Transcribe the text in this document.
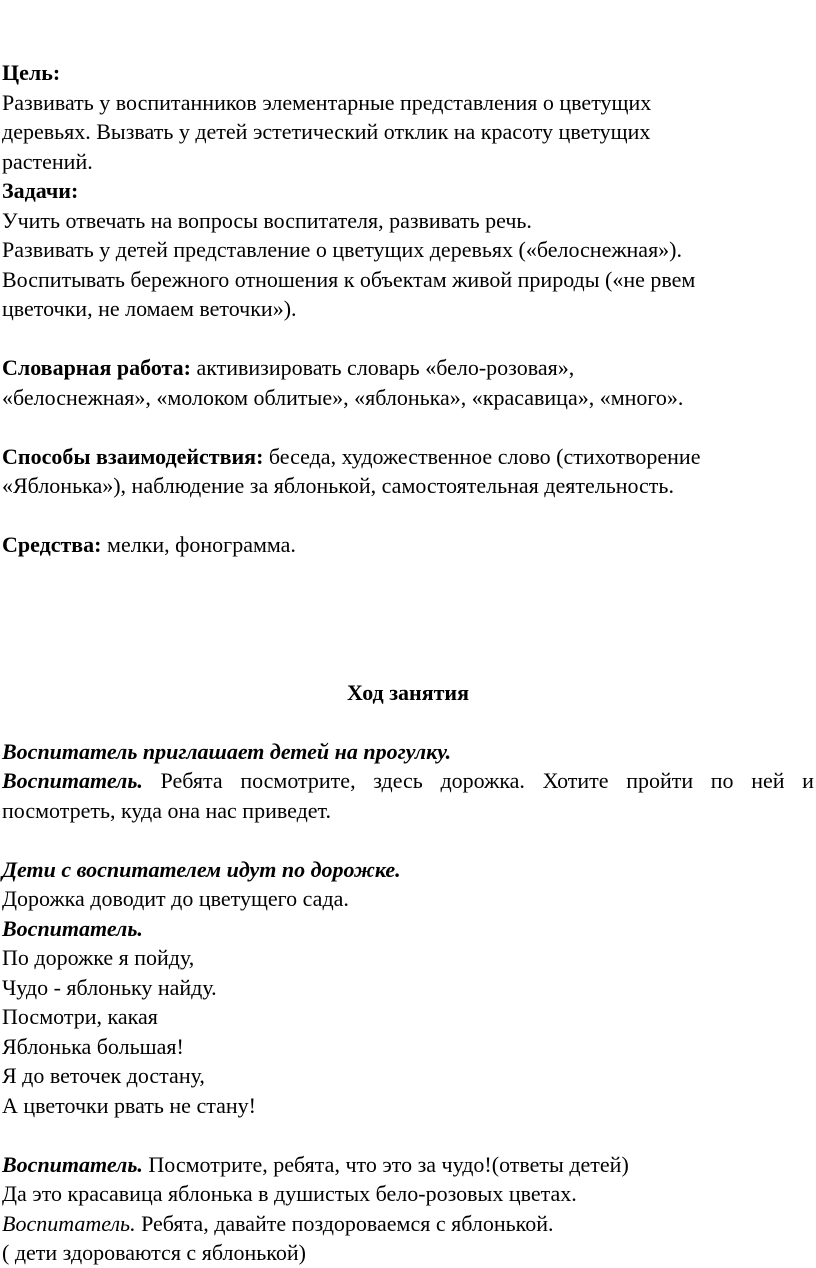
Цель:
Развивать у воспитанников элементарные представления о цветущих
деревьях. Вызвать у детей эстетический отклик на красоту цветущих
растений.
Задачи:
Учить отвечать на вопросы воспитателя, развивать речь.
Развивать у детей представление о цветущих деревьях («белоснежная»).
Воспитывать бережного отношения к объектам живой природы («не рвем
цветочки, не ломаем веточки»).
Словарная работа: активизировать словарь «бело-розовая»,
«белоснежная», «молоком облитые», «яблонька», «красавица», «много».
Способы взаимодействия: беседа, художественное слово (стихотворение
«Яблонька»), наблюдение за яблонькой, самостоятельная деятельность.
Средства: мелки, фонограмма.
Ход занятия
Воспитатель приглашает детей на прогулку.
Воспитатель. Ребята посмотрите, здесь дорожка. Хотите пройти по ней и
посмотреть, куда она нас приведет.
Дети с воспитателем идут по дорожке.
Дорожка доводит до цветущего сада.
Воспитатель.
По дорожке я пойду,
Чудо - яблоньку найду.
Посмотри, какая
Яблонька большая!
Я до веточек достану,
А цветочки рвать не стану!
Воспитатель. Посмотрите, ребята, что это за чудо!(ответы детей)
Да это красавица яблонька в душистых бело-розовых цветах.
Воспитатель. Ребята, давайте поздороваемся с яблонькой.
( дети здороваются с яблонькой)
